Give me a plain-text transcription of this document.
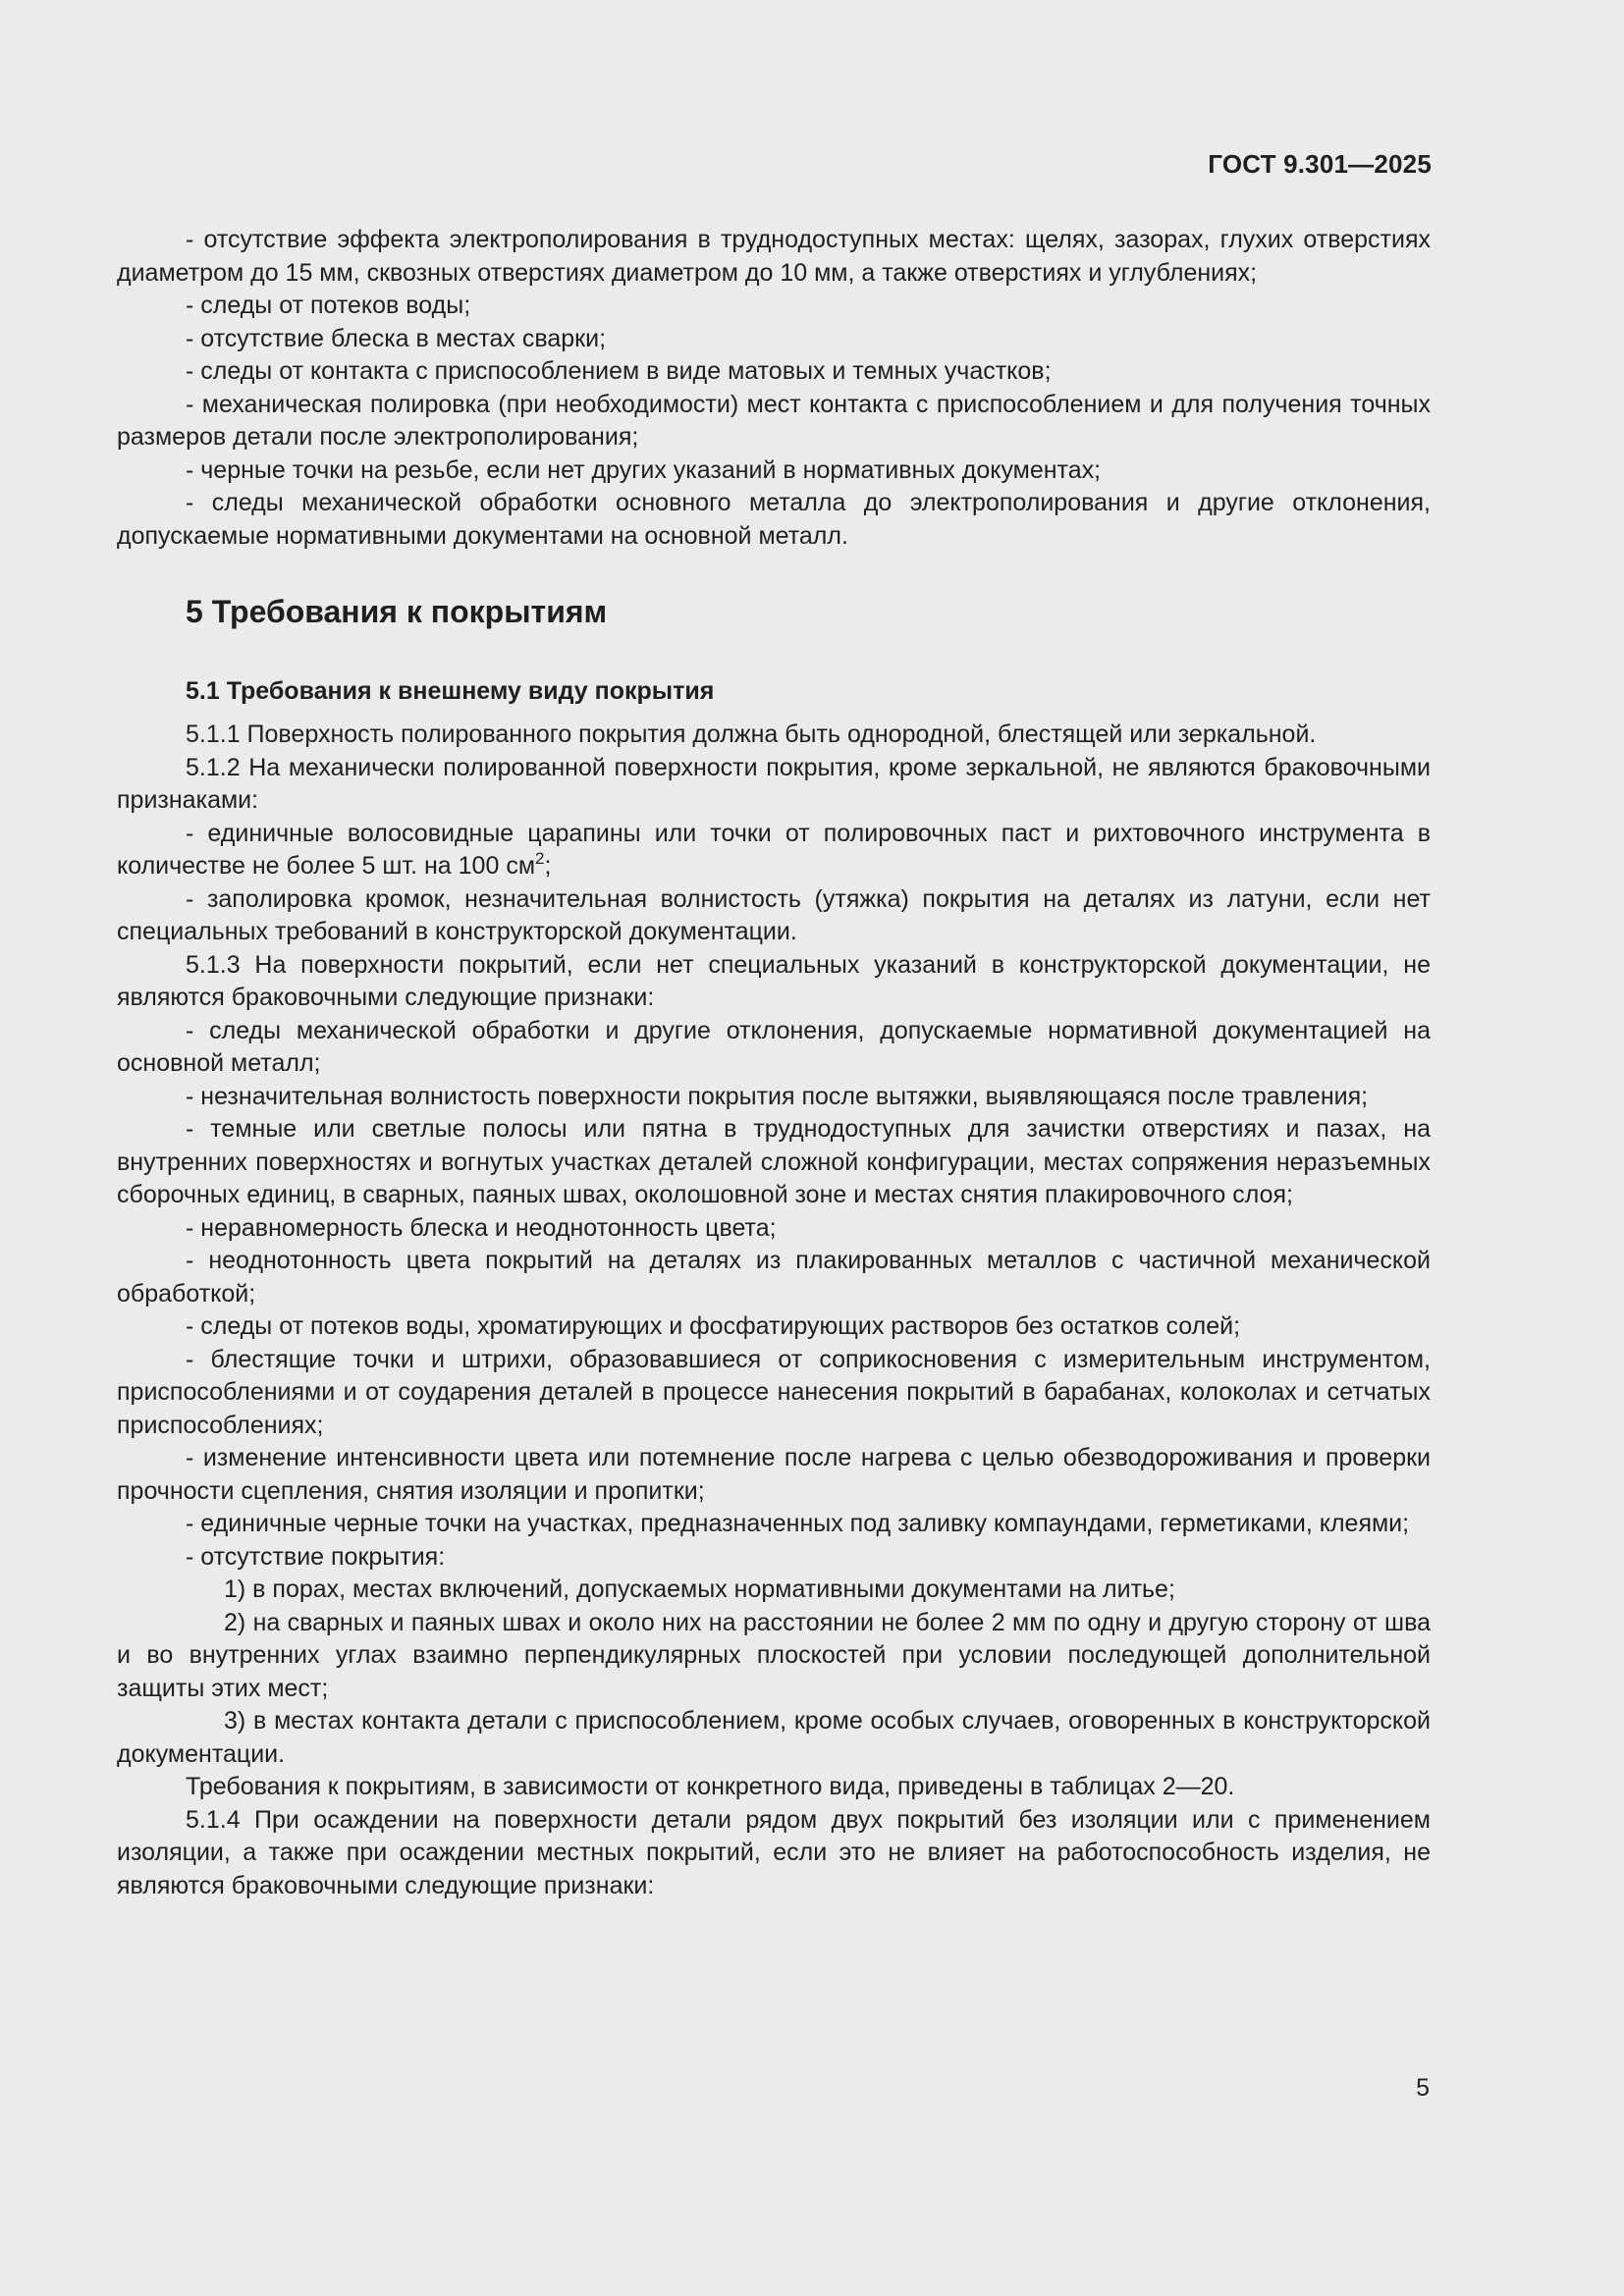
ГОСТ 9.301—2025

- отсутствие эффекта электрополирования в труднодоступных местах: щелях, зазорах, глухих отверстиях диаметром до 15 мм, сквозных отверстиях диаметром до 10 мм, а также отверстиях и углублениях;

- следы от потеков воды;

- отсутствие блеска в местах сварки;

- следы от контакта с приспособлением в виде матовых и темных участков;

- механическая полировка (при необходимости) мест контакта с приспособлением и для получения точных размеров детали после электрополирования;

- черные точки на резьбе, если нет других указаний в нормативных документах;

- следы механической обработки основного металла до электрополирования и другие отклонения, допускаемые нормативными документами на основной металл.

5 Требования к покрытиям
5.1 Требования к внешнему виду покрытия

5.1.1 Поверхность полированного покрытия должна быть однородной, блестящей или зеркальной.

5.1.2 На механически полированной поверхности покрытия, кроме зеркальной, не являются браковочными признаками:

- единичные волосовидные царапины или точки от полировочных паст и рихтовочного инструмента в количестве не более 5 шт. на 100 $см^2$;

- заполировка кромок, незначительная волнистость (утяжка) покрытия на деталях из латуни, если нет специальных требований в конструкторской документации.

5.1.3 На поверхности покрытий, если нет специальных указаний в конструкторской документации, не являются браковочными следующие признаки:

- следы механической обработки и другие отклонения, допускаемые нормативной документацией на основной металл;

- незначительная волнистость поверхности покрытия после вытяжки, выявляющаяся после травления;

- темные или светлые полосы или пятна в труднодоступных для зачистки отверстиях и пазах, на внутренних поверхностях и вогнутых участках деталей сложной конфигурации, местах сопряжения неразъемных сборочных единиц, в сварных, паяных швах, околошовной зоне и местах снятия плакировочного слоя;

- неравномерность блеска и неоднотонность цвета;

- неоднотонность цвета покрытий на деталях из плакированных металлов с частичной механической обработкой;

- следы от потеков воды, хроматирующих и фосфатирующих растворов без остатков солей;

- блестящие точки и штрихи, образовавшиеся от соприкосновения с измерительным инструментом, приспособлениями и от соударения деталей в процессе нанесения покрытий в барабанах, колоколах и сетчатых приспособлениях;

- изменение интенсивности цвета или потемнение после нагрева с целью обезводороживания и проверки прочности сцепления, снятия изоляции и пропитки;

- единичные черные точки на участках, предназначенных под заливку компаундами, герметиками, клеями;

- отсутствие покрытия:

1) в порах, местах включений, допускаемых нормативными документами на литье;

2) на сварных и паяных швах и около них на расстоянии не более 2 мм по одну и другую сторону от шва и во внутренних углах взаимно перпендикулярных плоскостей при условии последующей дополнительной защиты этих мест;

3) в местах контакта детали с приспособлением, кроме особых случаев, оговоренных в конструкторской документации.

Требования к покрытиям, в зависимости от конкретного вида, приведены в таблицах 2—20.

5.1.4 При осаждении на поверхности детали рядом двух покрытий без изоляции или с применением изоляции, а также при осаждении местных покрытий, если это не влияет на работоспособность изделия, не являются браковочными следующие признаки:

5
